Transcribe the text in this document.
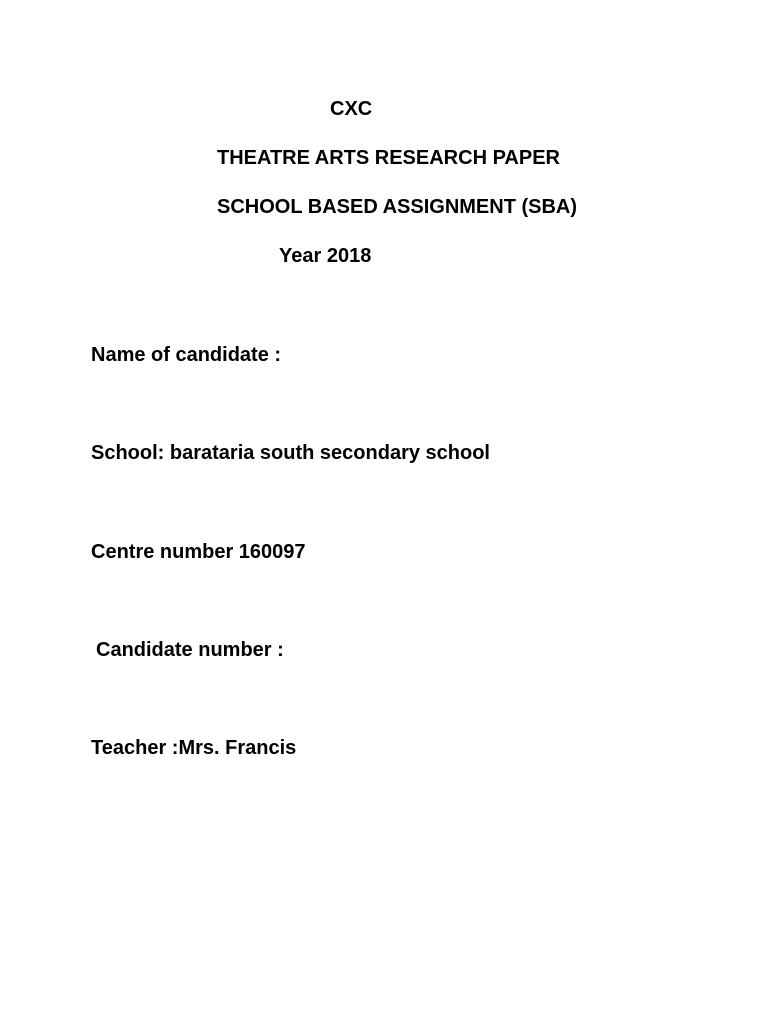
CXC
THEATRE ARTS RESEARCH PAPER
SCHOOL BASED ASSIGNMENT (SBA)
Year 2018
Name of candidate :
School: barataria south secondary school
Centre number 160097
Candidate number :
Teacher :Mrs. Francis
